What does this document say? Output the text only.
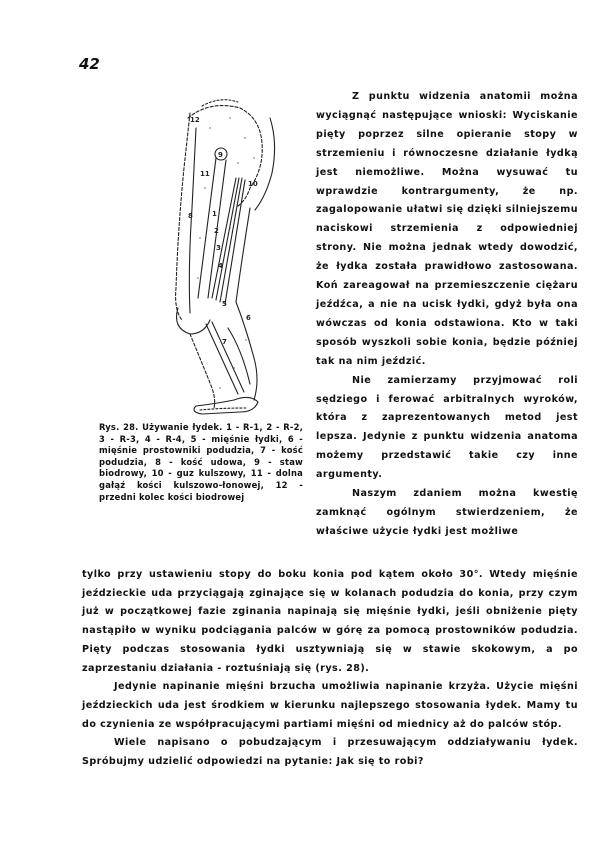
42
12
9
11
10
8	1
2
3
4
5
6
7
Rys. 28. Używanie łydek. 1 - R-1, 2 - R-2, 3 - R-3, 4 - R-4, 5 - mięśnie łydki, 6 - mięśnie prostowniki podudzia, 7 - kość podudzia, 8 - kość udowa, 9 - staw biodrowy, 10 - guz kulszowy, 11 - dolna gałąź kości kulszowo-łonowej, 12 - przedni kolec kości biodrowej

Z punktu widzenia anatomii można wyciągnąć następujące wnioski: Wyciskanie pięty poprzez silne opieranie stopy w strzemieniu i równoczesne działanie łydką jest niemożliwe. Można wysuwać tu wprawdzie kontrargumenty, że np. zagalopowanie ułatwi się dzięki silniejszemu naciskowi strzemienia z odpowiedniej strony. Nie można jednak wtedy dowodzić, że łydka została prawidłowo zastosowana. Koń zareagował na przemieszczenie ciężaru jeźdźca, a nie na ucisk łydki, gdyż była ona wówczas od konia odstawiona. Kto w taki sposób wyszkoli sobie konia, będzie później tak na nim jeździć.

Nie zamierzamy przyjmować roli sędziego i ferować arbitralnych wyroków, która z zaprezentowanych metod jest lepsza. Jedynie z punktu widzenia anatoma możemy przedstawić takie czy inne argumenty.

Naszym zdaniem można kwestię zamknąć ogólnym stwierdzeniem, że właściwe użycie łydki jest możliwe

tylko przy ustawieniu stopy do boku konia pod kątem około 30°. Wtedy mięśnie jeździeckie uda przyciągają zginające się w kolanach podudzia do konia, przy czym już w początkowej fazie zginania napinają się mięśnie łydki, jeśli obniżenie pięty nastąpiło w wyniku podciągania palców w górę za pomocą prostowników podudzia. Pięty podczas stosowania łydki usztywniają się w stawie skokowym, a po zaprzestaniu działania - roztuśniają się (rys. 28).

Jedynie napinanie mięśni brzucha umożliwia napinanie krzyża. Użycie mięśni jeździeckich uda jest środkiem w kierunku najlepszego stosowania łydek. Mamy tu do czynienia ze współpracującymi partiami mięśni od miednicy aż do palców stóp.

Wiele napisano o pobudzającym i przesuwającym oddziaływaniu łydek. Spróbujmy udzielić odpowiedzi na pytanie: Jak się to robi?
